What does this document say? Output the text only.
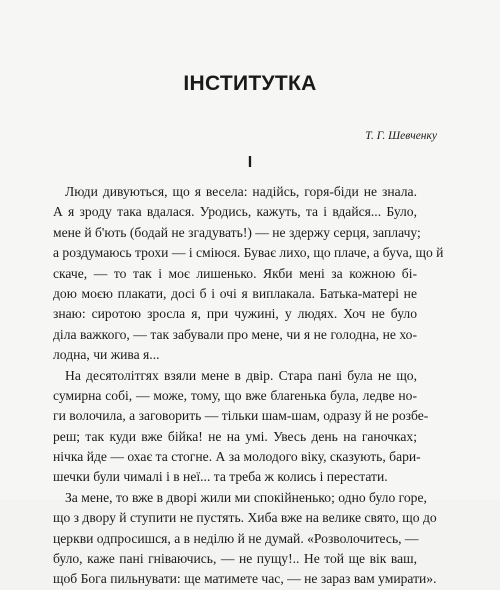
ІНСТИТУТКА
Т. Г. Шевченку
I
Люди дивуються, що я весела: надійсь, горя-біди не знала.
А я зроду така вдалася. Уродись, кажуть, та і вдайся... Було,
мене й б'ють (бодай не згадувать!) — не здержу серця, заплачу;
а роздумаюсь трохи — і сміюся. Буває лихо, що плаче, а буva, що й
скаче, — то так і моє лишенько. Якби мені за кожною бі-
дою моєю плакати, досі б і очі я виплакала. Батька-матері не
знаю: сиротою зросла я, при чужині, у людях. Хоч не було
діла важкого, — так забували про мене, чи я не голодна, не хо-
лодна, чи жива я...
На десятолітгях взяли мене в двір. Стара пані була не що,
сумирна собі, — може, тому, що вже блаrенька була, ледве но-
ги волочила, а заговорить — тільки шам-шам, одразу й не розбе-
реш; так куди вже бійка! не на умі. Увесь день на ганочках;
нічка йде — охає та стогне. А за молодого віку, сказують, бари-
шечки були чималі і в неї... та треба ж колись і перестати.
За мене, то вже в дворі жили ми спокійненько; одно було горе,
що з двору й ступити не пустять. Хиба вже на велике свято, що до
церкви одпросишся, а в неділю й не думай. «Розволочитесь, —
було, каже пані гніваючись, — не пущу!.. Не той ще вік ваш,
щоб Бога пильнувати: ще матимете час, — не зараз вам умирати».
